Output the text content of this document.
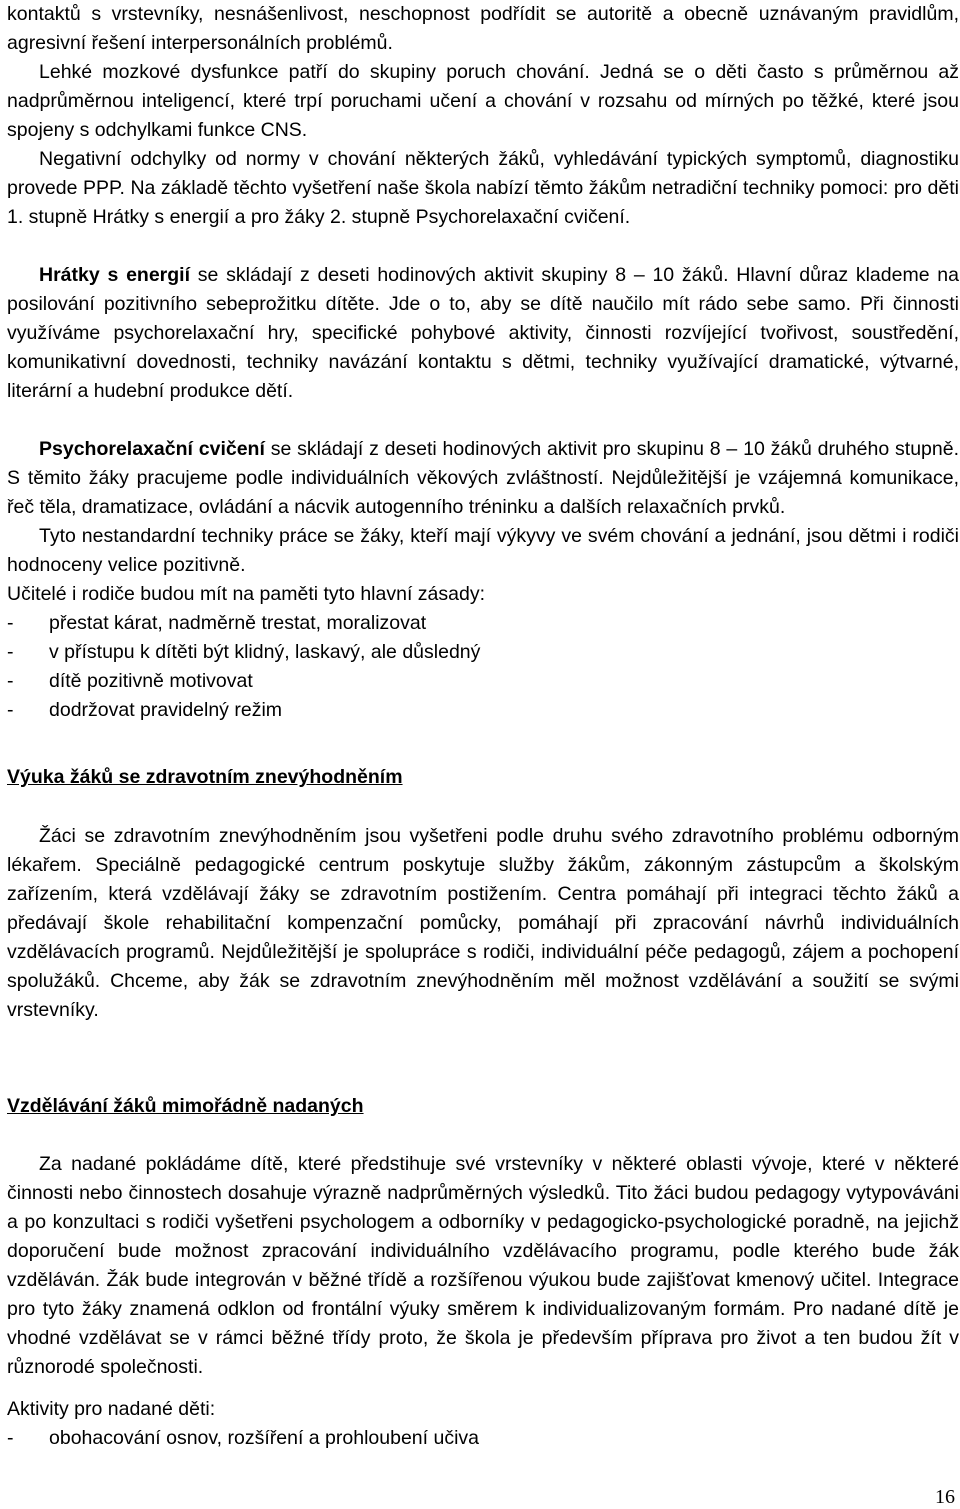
kontaktů s vrstevníky, nesnášenlivost, neschopnost podřídit se autoritě a obecně uznávaným pravidlům, agresivní řešení interpersonálních problémů.

Lehké mozkové dysfunkce patří do skupiny poruch chování. Jedná se o děti často s průměrnou až nadprůměrnou inteligencí, které trpí poruchami učení a chování v rozsahu od mírných po těžké, které jsou spojeny s odchylkami funkce CNS.

Negativní odchylky od normy v chování některých žáků, vyhledávání typických symptomů, diagnostiku provede PPP. Na základě těchto vyšetření naše škola nabízí těmto žákům netradiční techniky pomoci: pro děti 1. stupně Hrátky s energií a pro žáky 2. stupně Psychorelaxační cvičení.

Hrátky s energií se skládají z deseti hodinových aktivit skupiny 8 – 10 žáků. Hlavní důraz klademe na posilování pozitivního sebeprožitku dítěte. Jde o to, aby se dítě naučilo mít rádo sebe samo. Při činnosti využíváme psychorelaxační hry, specifické pohybové aktivity, činnosti rozvíjející tvořivost, soustředění, komunikativní dovednosti, techniky navázání kontaktu s dětmi, techniky využívající dramatické, výtvarné, literární a hudební produkce dětí.

Psychorelaxační cvičení se skládají z deseti hodinových aktivit pro skupinu 8 – 10 žáků druhého stupně. S těmito žáky pracujeme podle individuálních věkových zvláštností. Nejdůležitější je vzájemná komunikace, řeč těla, dramatizace, ovládání a nácvik autogenního tréninku a dalších relaxačních prvků.

Tyto nestandardní techniky práce se žáky, kteří mají výkyvy ve svém chování a jednání, jsou dětmi i rodiči hodnoceny velice pozitivně.

Učitelé i rodiče budou mít na paměti tyto hlavní zásady:

- přestat kárat, nadměrně trestat, moralizovat

- v přístupu k dítěti být klidný, laskavý, ale důsledný

- dítě pozitivně motivovat

- dodržovat pravidelný režim

Výuka žáků se zdravotním znevýhodněním

Žáci se zdravotním znevýhodněním jsou vyšetřeni podle druhu svého zdravotního problému odborným lékařem. Speciálně pedagogické centrum poskytuje služby žákům, zákonným zástupcům a školským zařízením, která vzdělávají žáky se zdravotním postižením. Centra pomáhají při integraci těchto žáků a předávají škole rehabilitační kompenzační pomůcky, pomáhají při zpracování návrhů individuálních vzdělávacích programů. Nejdůležitější je spolupráce s rodiči, individuální péče pedagogů, zájem a pochopení spolužáků. Chceme, aby žák se zdravotním znevýhodněním měl možnost vzdělávání a soužití se svými vrstevníky.

Vzdělávání žáků mimořádně nadaných

Za nadané pokládáme dítě, které předstihuje své vrstevníky v některé oblasti vývoje, které v některé činnosti nebo činnostech dosahuje výrazně nadprůměrných výsledků. Tito žáci budou pedagogy vytypováváni a po konzultaci s rodiči vyšetřeni psychologem a odborníky v pedagogicko-psychologické poradně, na jejichž doporučení bude možnost zpracování individuálního vzdělávacího programu, podle kterého bude žák vzděláván. Žák bude integrován v běžné třídě a rozšířenou výukou bude zajišťovat kmenový učitel. Integrace pro tyto žáky znamená odklon od frontální výuky směrem k individualizovaným formám. Pro nadané dítě je vhodné vzdělávat se v rámci běžné třídy proto, že škola je především příprava pro život a ten budou žít v různorodé společnosti.

Aktivity pro nadané děti:

- obohacování osnov, rozšíření a prohloubení učiva

16
